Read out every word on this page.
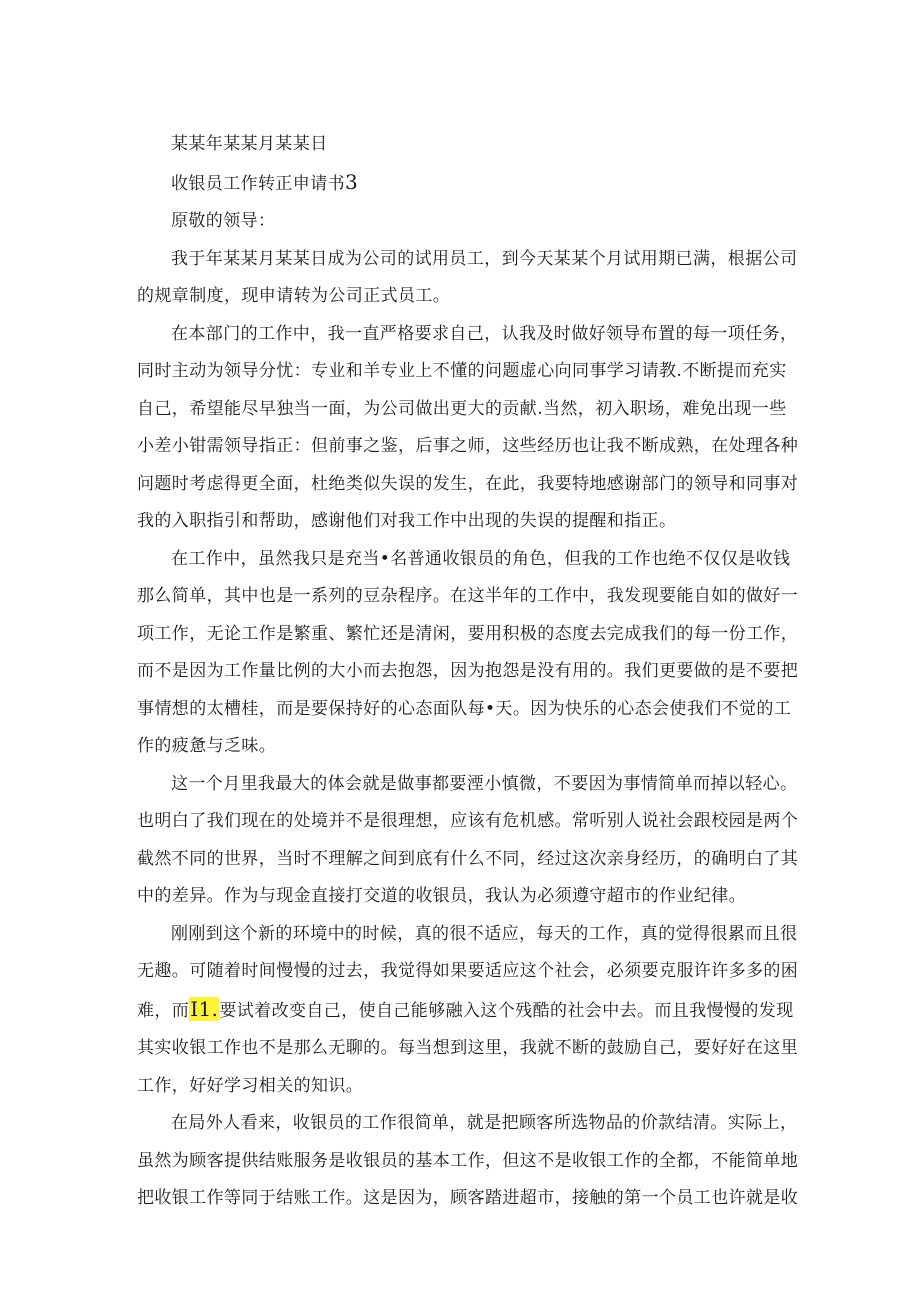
某某年某某月某某日
收银员工作转正申请书3
原敬的领导：
我于年某某月某某日成为公司的试用员工，到今天某某个月试用期已满，根据公司
的规章制度，现申请转为公司正式员工。
在本部门的工作中，我一直严格要求自己，认我及时做好领导布置的每一项任务，
同时主动为领导分忧：专业和羊专业上不懂的问题虚心向同事学习请教.不断提而充实
自己，希望能尽早独当一面，为公司做出更大的贡献.当然，初入职场，难免出现一些
小差小钳需领导指正：但前事之鉴，后事之师，这些经历也让我不断成熟，在处理各种
问题时考虑得更全面，杜绝类似失误的发生，在此，我要特地感谢部门的领导和同事对
我的入职指引和帮助，感谢他们对我工作中出现的失误的提醒和指正。
在工作中，虽然我只是充当•名普通收银员的角色，但我的工作也绝不仅仅是收钱
那么简单，其中也是一系列的豆杂程序。在这半年的工作中，我发现要能自如的做好一
项工作，无论工作是繁重、繁忙还是清闲，要用积极的态度去完成我们的每一份工作，
而不是因为工作量比例的大小而去抱怨，因为抱怨是没有用的。我们更要做的是不要把
事情想的太槽桂，而是要保持好的心态面队每•天。因为快乐的心态会使我们不觉的工
作的疲惫与乏味。
这一个月里我最大的体会就是做事都要湮小慎微，不要因为事情简单而掉以轻心。
也明白了我们现在的处境并不是很理想，应该有危机感。常听别人说社会跟校园是两个
截然不同的世界，当时不理解之间到底有什么不同，经过这次亲身经历，的确明白了其
中的差异。作为与现金直接打交道的收银员，我认为必须遵守超市的作业纪律。
刚刚到这个新的环境中的时候，真的很不适应，每天的工作，真的觉得很累而且很
无趣。可随着时间慢慢的过去，我觉得如果要适应这个社会，必须要克服许许多多的困
难，而I1.要试着改变自己，使自己能够融入这个残酷的社会中去。而且我慢慢的发现
其实收银工作也不是那么无聊的。每当想到这里，我就不断的鼓励自己，要好好在这里
工作，好好学习相关的知识。
在局外人看来，收银员的工作很简单，就是把顾客所选物品的价款结清。实际上，
虽然为顾客提供结账服务是收银员的基本工作，但这不是收银工作的全都，不能简单地
把收银工作等同于结账工作。这是因为，顾客踏进超市，接触的第一个员工也许就是收
